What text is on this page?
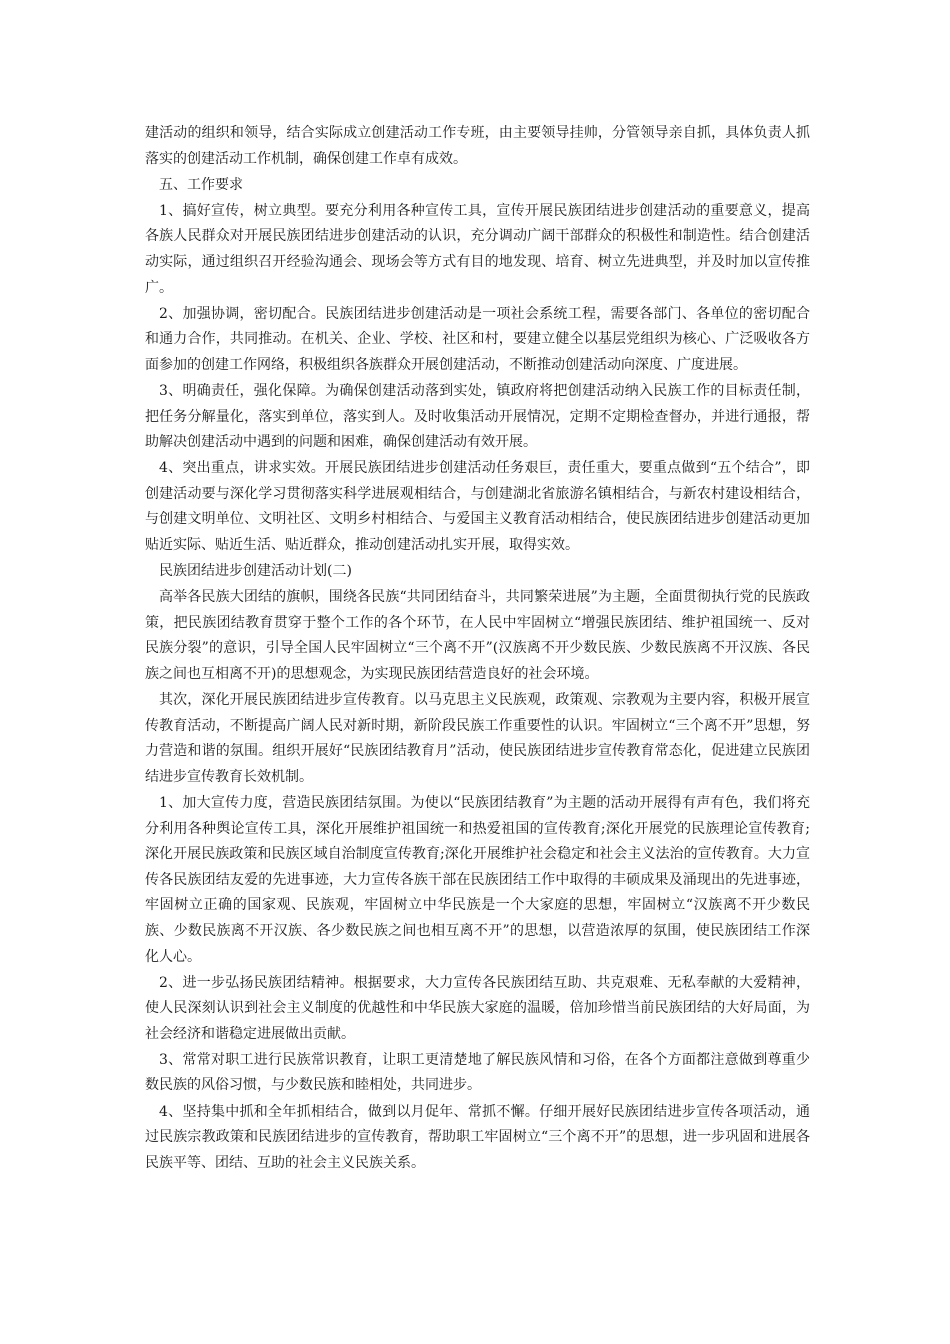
建活动的组织和领导，结合实际成立创建活动工作专班，由主要领导挂帅，分管领导亲自抓，具体负责人抓落实的创建活动工作机制，确保创建工作卓有成效。

五、工作要求

1、搞好宣传，树立典型。要充分利用各种宣传工具，宣传开展民族团结进步创建活动的重要意义，提高各族人民群众对开展民族团结进步创建活动的认识，充分调动广阔干部群众的积极性和制造性。结合创建活动实际，通过组织召开经验沟通会、现场会等方式有目的地发现、培育、树立先进典型，并及时加以宣传推广。

2、加强协调，密切配合。民族团结进步创建活动是一项社会系统工程，需要各部门、各单位的密切配合和通力合作，共同推动。在机关、企业、学校、社区和村，要建立健全以基层党组织为核心、广泛吸收各方面参加的创建工作网络，积极组织各族群众开展创建活动，不断推动创建活动向深度、广度进展。

3、明确责任，强化保障。为确保创建活动落到实处，镇政府将把创建活动纳入民族工作的目标责任制，把任务分解量化，落实到单位，落实到人。及时收集活动开展情况，定期不定期检查督办，并进行通报，帮助解决创建活动中遇到的问题和困难，确保创建活动有效开展。

4、突出重点，讲求实效。开展民族团结进步创建活动任务艰巨，责任重大，要重点做到“五个结合”，即创建活动要与深化学习贯彻落实科学进展观相结合，与创建湖北省旅游名镇相结合，与新农村建设相结合，与创建文明单位、文明社区、文明乡村相结合、与爱国主义教育活动相结合，使民族团结进步创建活动更加贴近实际、贴近生活、贴近群众，推动创建活动扎实开展，取得实效。

民族团结进步创建活动计划(二)

高举各民族大团结的旗帜，围绕各民族“共同团结奋斗，共同繁荣进展”为主题，全面贯彻执行党的民族政策，把民族团结教育贯穿于整个工作的各个环节，在人民中牢固树立“增强民族团结、维护祖国统一、反对民族分裂”的意识，引导全国人民牢固树立“三个离不开”(汉族离不开少数民族、少数民族离不开汉族、各民族之间也互相离不开)的思想观念，为实现民族团结营造良好的社会环境。

其次，深化开展民族团结进步宣传教育。以马克思主义民族观，政策观、宗教观为主要内容，积极开展宣传教育活动，不断提高广阔人民对新时期，新阶段民族工作重要性的认识。牢固树立“三个离不开”思想，努力营造和谐的氛围。组织开展好“民族团结教育月”活动，使民族团结进步宣传教育常态化，促进建立民族团结进步宣传教育长效机制。

1、加大宣传力度，营造民族团结氛围。为使以“民族团结教育”为主题的活动开展得有声有色，我们将充分利用各种舆论宣传工具，深化开展维护祖国统一和热爱祖国的宣传教育;深化开展党的民族理论宣传教育;深化开展民族政策和民族区域自治制度宣传教育;深化开展维护社会稳定和社会主义法治的宣传教育。大力宣传各民族团结友爱的先进事迹，大力宣传各族干部在民族团结工作中取得的丰硕成果及涌现出的先进事迹，牢固树立正确的国家观、民族观，牢固树立中华民族是一个大家庭的思想，牢固树立“汉族离不开少数民族、少数民族离不开汉族、各少数民族之间也相互离不开”的思想，以营造浓厚的氛围，使民族团结工作深化人心。

2、进一步弘扬民族团结精神。根据要求，大力宣传各民族团结互助、共克艰难、无私奉献的大爱精神，使人民深刻认识到社会主义制度的优越性和中华民族大家庭的温暖，倍加珍惜当前民族团结的大好局面，为社会经济和谐稳定进展做出贡献。

3、常常对职工进行民族常识教育，让职工更清楚地了解民族风情和习俗，在各个方面都注意做到尊重少数民族的风俗习惯，与少数民族和睦相处，共同进步。

4、坚持集中抓和全年抓相结合，做到以月促年、常抓不懈。仔细开展好民族团结进步宣传各项活动，通过民族宗教政策和民族团结进步的宣传教育，帮助职工牢固树立“三个离不开”的思想，进一步巩固和进展各民族平等、团结、互助的社会主义民族关系。
